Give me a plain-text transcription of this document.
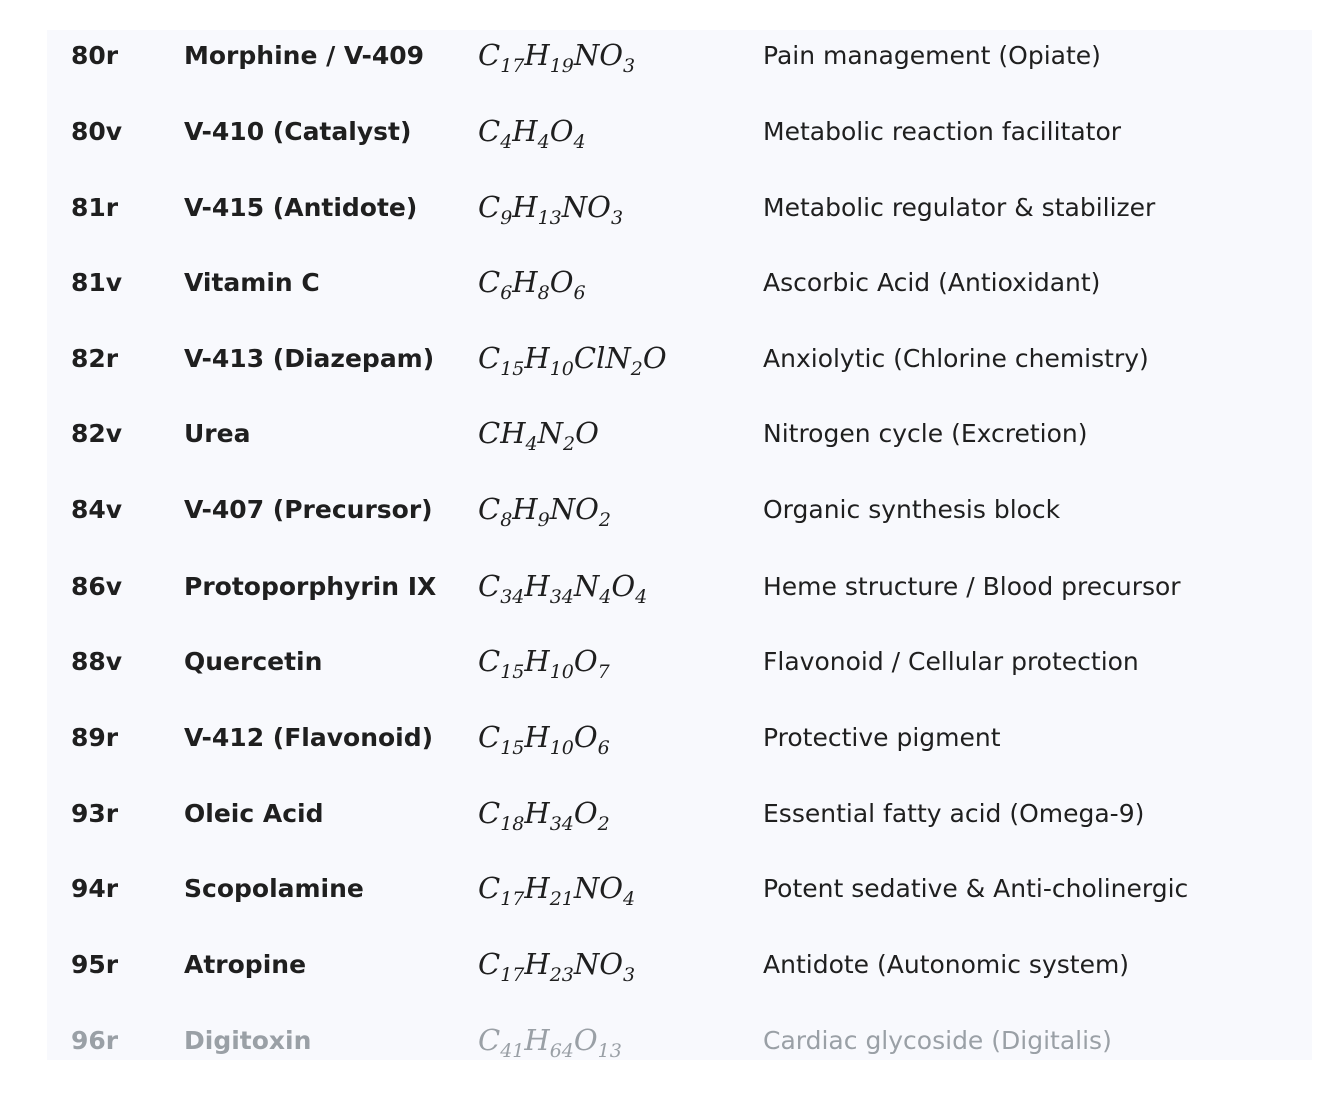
80r	Morphine / V-409 $C_{17}H_{19}NO_3$	Pain management (Opiate)
80v V-410 (Catalyst) $C_4H_4O_4$	Metabolic reaction facilitator
81r	V-415 (Antidote) $C_9H_{13}NO_3$	Metabolic regulator & stabilizer
81v Vitamin C	$C_6H_8O_6$	Ascorbic Acid (Antioxidant)
82r	V-413 (Diazepam) $C_{15}H_{10}ClN_2O$	Anxiolytic (Chlorine chemistry)
82v Urea	$CH_4N_2O$	Nitrogen cycle (Excretion)
84v V-407 (Precursor) $C_8H_9NO_2$	Organic synthesis block
86v Protoporphyrin IX $C_{34}H_{34}N_4O_4$	Heme structure / Blood precursor
88v Quercetin	$C_{15}H_{10}O_7$	Flavonoid / Cellular protection
89r	V-412 (Flavonoid) $C_{15}H_{10}O_6$	Protective pigment
93r	Oleic Acid	$C_{18}H_{34}O_2$	Essential fatty acid (Omega-9)
94r	Scopolamine	$C_{17}H_{21}NO_4$	Potent sedative & Anti-cholinergic
95r	Atropine	$C_{17}H_{23}NO_3$	Antidote (Autonomic system)
96r	Digitoxin	$C_{41}H_{64}O_{13}$	Cardiac glycoside (Digitalis)
